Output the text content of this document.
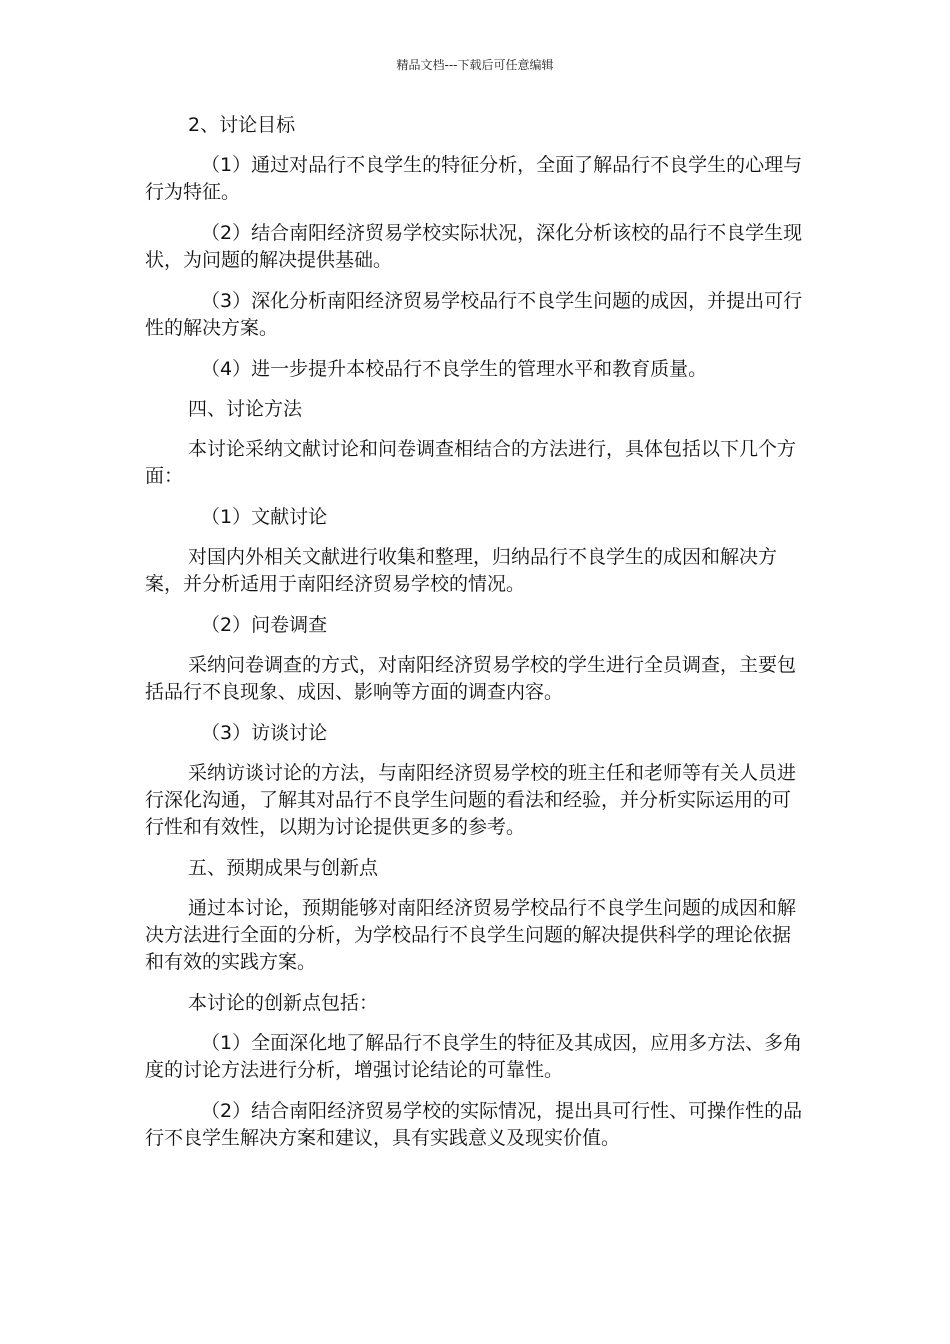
精品文档---下载后可任意编辑

2、讨论目标

（1）通过对品行不良学生的特征分析，全面了解品行不良学生的心理与行为特征。

（2）结合南阳经济贸易学校实际状况，深化分析该校的品行不良学生现状，为问题的解决提供基础。

（3）深化分析南阳经济贸易学校品行不良学生问题的成因，并提出可行性的解决方案。

（4）进一步提升本校品行不良学生的管理水平和教育质量。

四、讨论方法

本讨论采纳文献讨论和问卷调查相结合的方法进行，具体包括以下几个方面：

（1）文献讨论

对国内外相关文献进行收集和整理，归纳品行不良学生的成因和解决方案，并分析适用于南阳经济贸易学校的情况。

（2）问卷调查

采纳问卷调查的方式，对南阳经济贸易学校的学生进行全员调查，主要包括品行不良现象、成因、影响等方面的调查内容。

（3）访谈讨论

采纳访谈讨论的方法，与南阳经济贸易学校的班主任和老师等有关人员进行深化沟通，了解其对品行不良学生问题的看法和经验，并分析实际运用的可行性和有效性，以期为讨论提供更多的参考。

五、预期成果与创新点

通过本讨论，预期能够对南阳经济贸易学校品行不良学生问题的成因和解决方法进行全面的分析，为学校品行不良学生问题的解决提供科学的理论依据和有效的实践方案。

本讨论的创新点包括：

（1）全面深化地了解品行不良学生的特征及其成因，应用多方法、多角度的讨论方法进行分析，增强讨论结论的可靠性。

（2）结合南阳经济贸易学校的实际情况，提出具可行性、可操作性的品行不良学生解决方案和建议，具有实践意义及现实价值。
